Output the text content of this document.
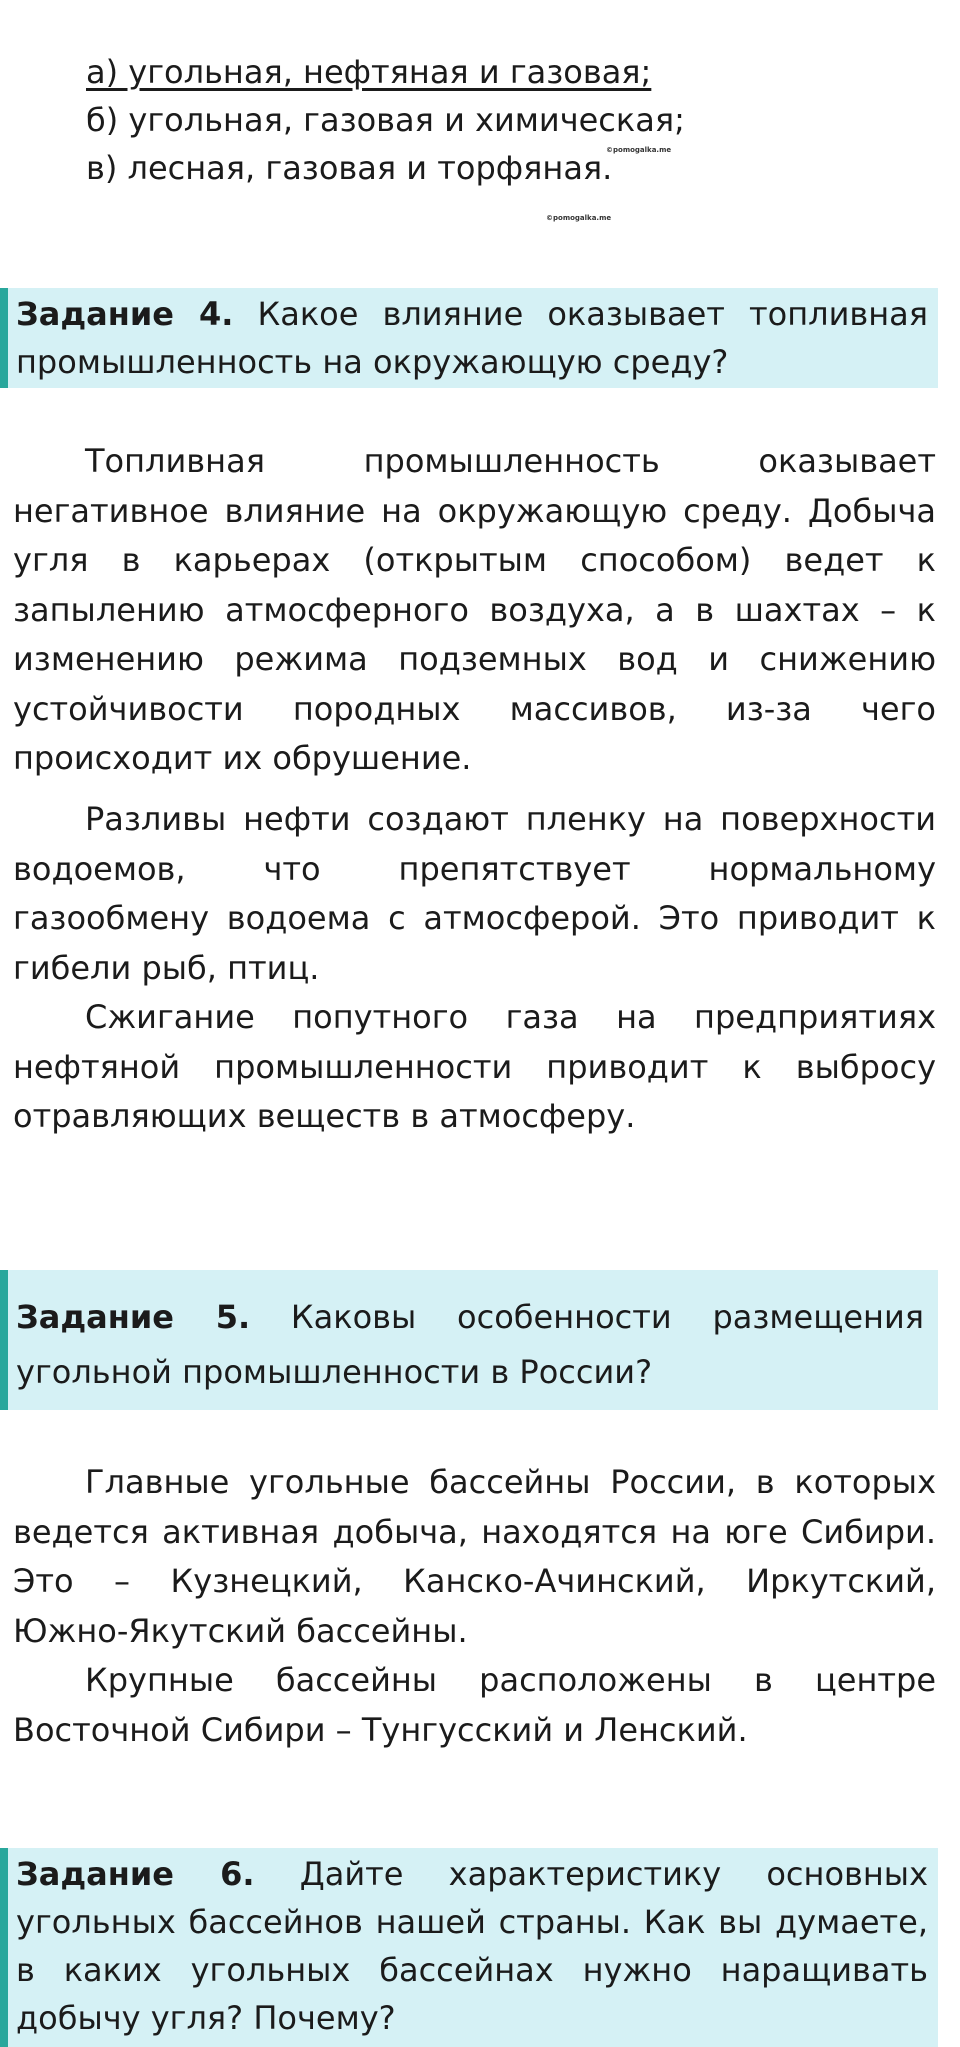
а) угольная, нефтяная и газовая;
б) угольная, газовая и химическая;
в) лесная, газовая и торфяная.
©pomogalka.me
©pomogalka.me

Задание 4. Какое влияние оказывает топливная промышленность на окружающую среду?

Топливная промышленность оказывает негативное влияние на окружающую среду. Добыча угля в карьерах (открытым способом) ведет к запылению атмосферного воздуха, а в шахтах – к изменению режима подземных вод и снижению устойчивости породных массивов, из-за чего происходит их обрушение.

Разливы нефти создают пленку на поверхности водоемов, что препятствует нормальному газообмену водоема с атмосферой. Это приводит к гибели рыб, птиц.

Сжигание попутного газа на предприятиях нефтяной промышленности приводит к выбросу отравляющих веществ в атмосферу.

Задание 5. Каковы особенности размещения угольной промышленности в России?

Главные угольные бассейны России, в которых ведется активная добыча, находятся на юге Сибири. Это – Кузнецкий, Канско-Ачинский, Иркутский, Южно-Якутский бассейны.

Крупные бассейны расположены в центре Восточной Сибири – Тунгусский и Ленский.

Задание 6. Дайте характеристику основных угольных бассейнов нашей страны. Как вы думаете, в каких угольных бассейнах нужно наращивать добычу угля? Почему?
